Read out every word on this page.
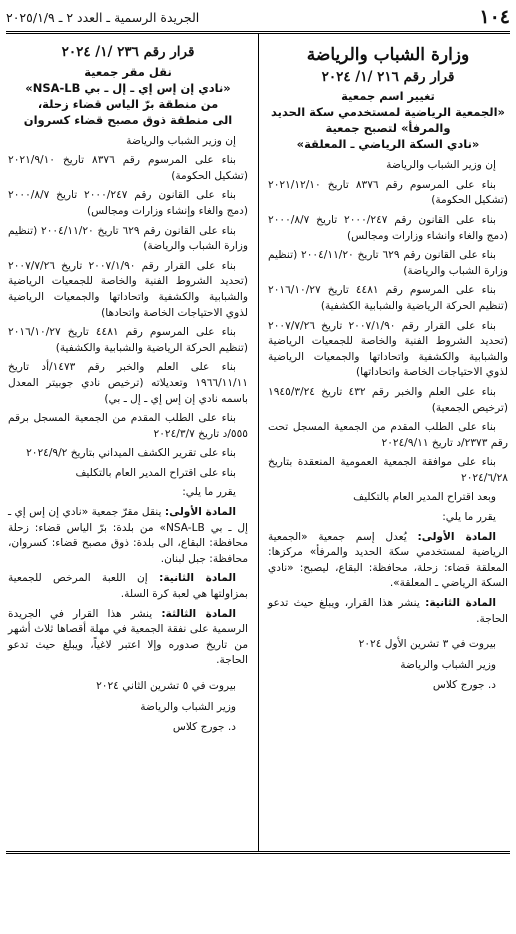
١٠٤
الجريدة الرسمية ـ العدد ٢ ـ ٢٠٢٥/١/٩
وزارة الشباب والرياضة
قرار رقم ٢١٦ /١/ ٢٠٢٤
تغيير اسم جمعية
«الجمعية الرياضية لمستخدمي سكة الحديد
والمرفأ» لتصبح جمعية
«نادي السكة الرياضي ـ المعلقة»

إن وزير الشباب والرياضة

بناء على المرسوم رقم ٨٣٧٦ تاريخ ٢٠٢١/١٢/١٠ (تشكيل الحكومة)

بناء على القانون رقم ٢٠٠٠/٢٤٧ تاريخ ٢٠٠٠/٨/٧ (دمج والغاء وانشاء وزارات ومجالس)

بناء على القانون رقم ٦٢٩ تاريخ ٢٠٠٤/١١/٢٠ (تنظيم وزارة الشباب والرياضة)

بناء على المرسوم رقم ٤٤٨١ تاريخ ٢٠١٦/١٠/٢٧ (تنظيم الحركة الرياضية والشبابية الكشفية)

بناء على القرار رقم ٢٠٠٧/١/٩٠ تاريخ ٢٠٠٧/٧/٢٦ (تحديد الشروط الفنية والخاصة للجمعيات الرياضية والشبابية والكشفية واتحاداتها والجمعيات الرياضية لذوي الاحتياجات الخاصة واتحاداتها)

بناء على العلم والخبر رقم ٤٣٢ تاريخ ١٩٤٥/٣/٢٤ (ترخيص الجمعية)

بناء على الطلب المقدم من الجمعية المسجل تحت رقم ٢٣٧٣/د تاريخ ٢٠٢٤/٩/١١

بناء على موافقة الجمعية العمومية المنعقدة بتاريخ ٢٠٢٤/٦/٢٨

وبعد اقتراح المدير العام بالتكليف

يقرر ما يلي:

المادة الأولى: يُعدل إسم جمعية «الجمعية الرياضية لمستخدمي سكة الحديد والمرفأ» مركزها: المعلقة قضاء: زحلة، محافظة: البقاع، ليصبح: «نادي السكة الرياضي ـ المعلقة».

المادة الثانية: ينشر هذا القرار، ويبلغ حيث تدعو الحاجة.

بيروت في ٣ تشرين الأول ٢٠٢٤

وزير الشباب والرياضة

د. جورج كلاس

قرار رقم ٢٣٦ /١/ ٢٠٢٤
نقل مقر جمعية
«نادي إن إس إي ـ إل ـ بي NSA-LB»
من منطقة برّ الياس قضاء زحلة،
الى منطقة ذوق مصبح قضاء كسروان

إن وزير الشباب والرياضة

بناء على المرسوم رقم ٨٣٧٦ تاريخ ٢٠٢١/٩/١٠ (تشكيل الحكومة)

بناء على القانون رقم ٢٠٠٠/٢٤٧ تاريخ ٢٠٠٠/٨/٧ (دمج والغاء وإنشاء وزارات ومجالس)

بناء على القانون رقم ٦٢٩ تاريخ ٢٠٠٤/١١/٢٠ (تنظيم وزارة الشباب والرياضة)

بناء على القرار رقم ٢٠٠٧/١/٩٠ تاريخ ٢٠٠٧/٧/٢٦ (تحديد الشروط الفنية والخاصة للجمعيات الرياضية والشبابية والكشفية واتحاداتها والجمعيات الرياضية لذوي الاحتياجات الخاصة واتحادها)

بناء على المرسوم رقم ٤٤٨١ تاريخ ٢٠١٦/١٠/٢٧ (تنظيم الحركة الرياضية والشبابية والكشفية)

بناء على العلم والخبر رقم ١٤٧٣/أد تاريخ ١٩٦٦/١١/١١ وتعديلاته (ترخيص نادي جوبيتر المعدل باسمه نادي إن إس إي ـ إل ـ بي)

بناء على الطلب المقدم من الجمعية المسجل برقم ٥٥٥/د تاريخ ٢٠٢٤/٣/٧

بناء على تقرير الكشف الميداني بتاريخ ٢٠٢٤/٩/٢

بناء على اقتراح المدير العام بالتكليف

يقرر ما يلي:

المادة الأولى: ينقل مقرّ جمعية «نادي إن إس إي ـ إل ـ بي NSA-LB» من بلدة: برّ الياس قضاء: زحلة محافظة: البقاع، الى بلدة: ذوق مصبح قضاء: كسروان، محافظة: جبل لبنان.

المادة الثانية: إن اللعبة المرخص للجمعية بمزاولتها هي لعبة كرة السلة.

المادة الثالثة: ينشر هذا القرار في الجريدة الرسمية على نفقة الجمعية في مهلة أقصاها ثلاث أشهر من تاريخ صدوره وإلا اعتبر لاغياً، ويبلغ حيث تدعو الحاجة.

بيروت في ٥ تشرين الثاني ٢٠٢٤

وزير الشباب والرياضة

د. جورج كلاس
